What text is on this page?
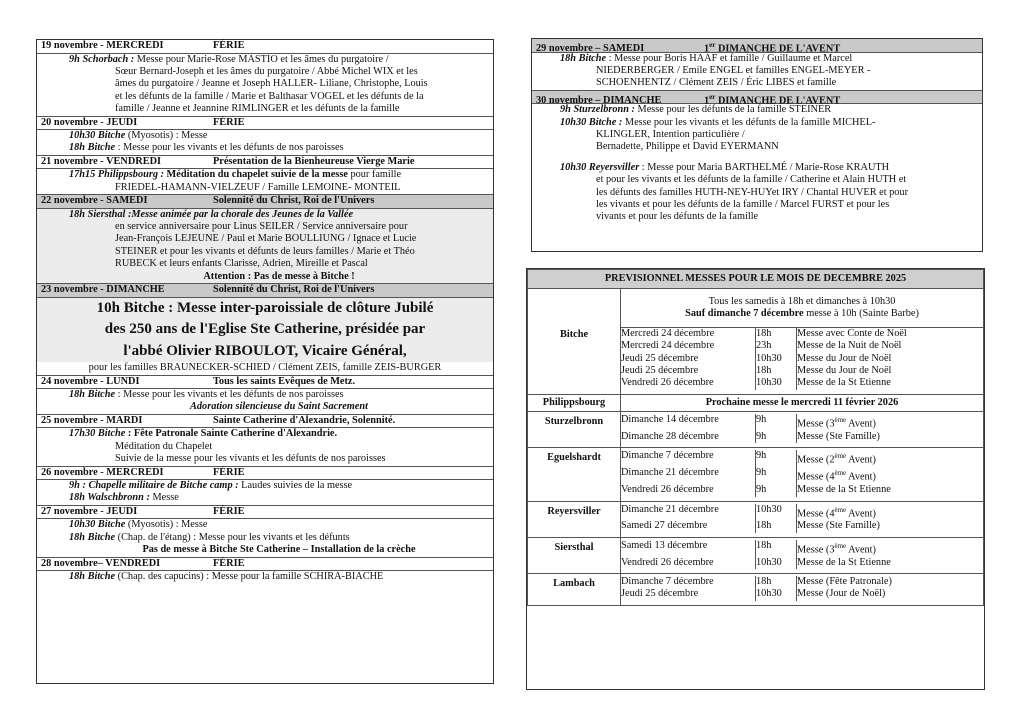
19 novembre - MERCREDI	FÉRIE

9h Schorbach : Messe pour Marie-Rose MASTIO et les âmes du purgatoire /

Sœur Bernard-Joseph et les âmes du purgatoire / Abbé Michel WIX et les

âmes du purgatoire / Jeanne et Joseph HALLER- Liliane, Christophe, Louis

et les défunts de la famille / Marie et Balthasar VOGEL et les défunts de la

famille / Jeanne et Jeannine RIMLINGER et les défunts de la famille

20 novembre - JEUDI	FÉRIE

10h30 Bitche (Myosotis) : Messe

18h Bitche : Messe pour les vivants et les défunts de nos paroisses

21 novembre - VENDREDI	Présentation de la Bienheureuse Vierge Marie

17h15 Philippsbourg : Méditation du chapelet suivie de la messe pour famille

FRIEDEL-HAMANN-VIELZEUF / Famille LEMOINE- MONTEIL

22 novembre - SAMEDI	Solennité du Christ, Roi de l'Univers

18h Siersthal :Messe animée par la chorale des Jeunes de la Vallée

en service anniversaire pour Linus SEILER / Service anniversaire pour

Jean-François LEJEUNE / Paul et Marie BOULLIUNG / Ignace et Lucie

STEINER et pour les vivants et défunts de leurs familles / Marie et Théo

RUBECK et leurs enfants Clarisse, Adrien, Mireille et Pascal

Attention : Pas de messe à Bitche !

23 novembre - DIMANCHE	Solennité du Christ, Roi de l'Univers
10h Bitche : Messe inter-paroissiale de clôture Jubilé
des 250 ans de l'Eglise Ste Catherine, présidée par
l'abbé Olivier RIBOULOT, Vicaire Général,
pour les familles BRAUNECKER-SCHIED / Clément ZEIS, famille ZEIS-BURGER
24 novembre - LUNDI	Tous les saints Evêques de Metz.

18h Bitche : Messe pour les vivants et les défunts de nos paroisses

Adoration silencieuse du Saint Sacrement

25 novembre - MARDI	Sainte Catherine d'Alexandrie, Solennité.

17h30 Bitche : Fête Patronale Sainte Catherine d'Alexandrie.

Méditation du Chapelet

Suivie de la messe pour les vivants et les défunts de nos paroisses

26 novembre - MERCREDI	FÉRIE

9h : Chapelle militaire de Bitche camp : Laudes suivies de la messe

18h Walschbronn : Messe

27 novembre - JEUDI	FÉRIE

10h30 Bitche (Myosotis) : Messe

18h Bitche (Chap. de l'étang) : Messe pour les vivants et les défunts

Pas de messe à Bitche Ste Catherine – Installation de la crèche

28 novembre– VENDREDI	FÉRIE

18h Bitche (Chap. des capucins) : Messe pour la famille SCHIRA-BIACHE

29 novembre – SAMEDI	1er DIMANCHE DE L'AVENT

18h Bitche : Messe pour Boris HAAF et famille / Guillaume et Marcel

NIEDERBERGER / Emile ENGEL et familles ENGEL-MEYER -

SCHOENHENTZ / Clément ZEIS / Éric LIBES et famille

30 novembre – DIMANCHE	1er DIMANCHE DE L'AVENT

9h Sturzelbronn : Messe pour les défunts de la famille STEINER

10h30 Bitche : Messe pour les vivants et les défunts de la famille MICHEL-

KLINGLER, Intention particulière /

Bernadette, Philippe et David EYERMANN

10h30 Reyersviller : Messe pour Maria BARTHELMÉ / Marie-Rose KRAUTH

et pour les vivants et les défunts de la famille / Catherine et Alain HUTH et

les défunts des familles HUTH-NEY-HUYet IRY / Chantal HUVER et pour

les vivants et pour les défunts de la famille / Marcel FURST et pour les

vivants et pour les défunts de la famille

PREVISIONNEL MESSES POUR LE MOIS DE DECEMBRE 2025
Bitche	
Tous les samedis à 18h et dimanches à 10h30
Sauf dimanche 7 décembre messe à 10h (Sainte Barbe)
Mercredi 24 décembre	18h	Messe avec Conte de Noël
Mercredi 24 décembre	23h	Messe de la Nuit de Noël
Jeudi 25 décembre	10h30	Messe du Jour de Noël
Jeudi 25 décembre	18h	Messe du Jour de Noël
Vendredi 26 décembre	10h30	Messe de la St Etienne

Philippsbourg	Prochaine messe le mercredi 11 février 2026

Sturzelbronn	Dimanche 14 décembre	9h	Messe (3ème Avent)
Dimanche 28 décembre	9h	Messe (Ste Famille)

Eguelshardt	Dimanche 7 décembre	9h	Messe (2ème Avent)
Dimanche 21 décembre	9h	Messe (4ème Avent)
Vendredi 26 décembre	9h	Messe de la St Etienne

Reyersviller	Dimanche 21 décembre	10h30	Messe (4ème Avent)
Samedi 27 décembre	18h	Messe (Ste Famille)

Siersthal		Samedi 13 décembre	18h	Messe (3ème Avent)
Vendredi 26 décembre	10h30	Messe de la St Etienne

Lambach		Dimanche 7 décembre	18h	Messe (Fête Patronale)
Jeudi 25 décembre	10h30	Messe (Jour de Noël)
